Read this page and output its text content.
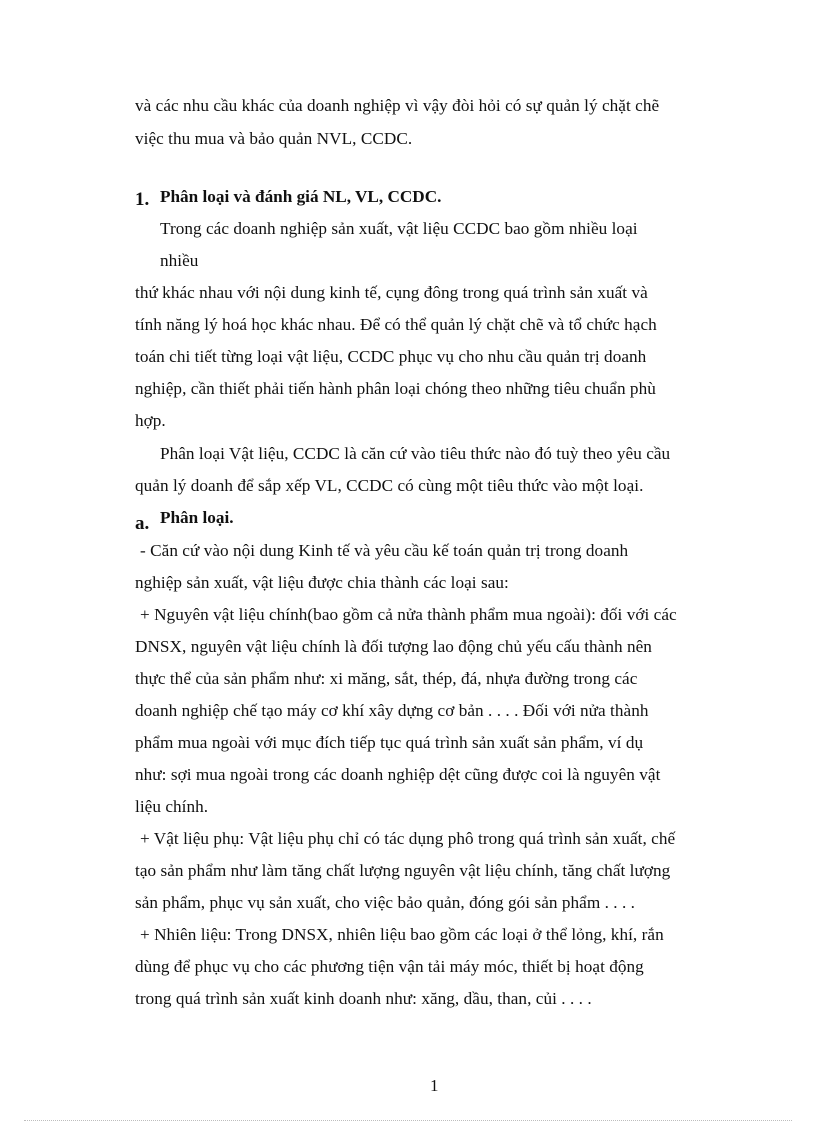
và các nhu cầu khác của doanh nghiệp vì vậy đòi hỏi có sự quản lý chặt chẽ
việc thu mua và bảo quản NVL, CCDC.
1. Phân loại và đánh giá NL, VL, CCDC.
Trong các doanh nghiệp sản xuất, vật liệu CCDC bao gồm nhiều loại
nhiều
thứ khác nhau với nội dung kinh tế, cụng đông trong quá trình sản xuất và
tính năng lý hoá học khác nhau. Để có thể quản lý chặt chẽ và tổ chức hạch
toán chi tiết từng loại vật liệu, CCDC phục vụ cho nhu cầu quản trị doanh
nghiệp, cần thiết phải tiến hành phân loại chóng theo những tiêu chuẩn phù
hợp.
Phân loại Vật liệu, CCDC là căn cứ vào tiêu thức nào đó tuỳ theo yêu cầu
quản lý doanh để sắp xếp VL, CCDC có cùng một tiêu thức vào một loại.
a. Phân loại.
- Căn cứ vào nội dung Kinh tế và yêu cầu kế toán quản trị trong doanh
nghiệp sản xuất, vật liệu được chia thành các loại sau:
+ Nguyên vật liệu chính(bao gồm cả nửa thành phẩm mua ngoài): đối với các
DNSX, nguyên vật liệu chính là đối tượng lao động chủ yếu cấu thành nên
thực thể của sản phẩm như: xi măng, sắt, thép, đá, nhựa đường trong các
doanh nghiệp chế tạo máy cơ khí xây dựng cơ bản . . . . Đối với nửa thành
phẩm mua ngoài với mục đích tiếp tục quá trình sản xuất sản phẩm, ví dụ
như: sợi mua ngoài trong các doanh nghiệp dệt cũng được coi là nguyên vật
liệu chính.
+ Vật liệu phụ: Vật liệu phụ chỉ có tác dụng phô trong quá trình sản xuất, chế
tạo sản phẩm như làm tăng chất lượng nguyên vật liệu chính, tăng chất lượng
sản phẩm, phục vụ sản xuất, cho việc bảo quản, đóng gói sản phẩm . . . .
+ Nhiên liệu: Trong DNSX, nhiên liệu bao gồm các loại ở thể lỏng, khí, rắn
dùng để phục vụ cho các phương tiện vận tải máy móc, thiết bị hoạt động
trong quá trình sản xuất kinh doanh như: xăng, dầu, than, củi . . . .
1
